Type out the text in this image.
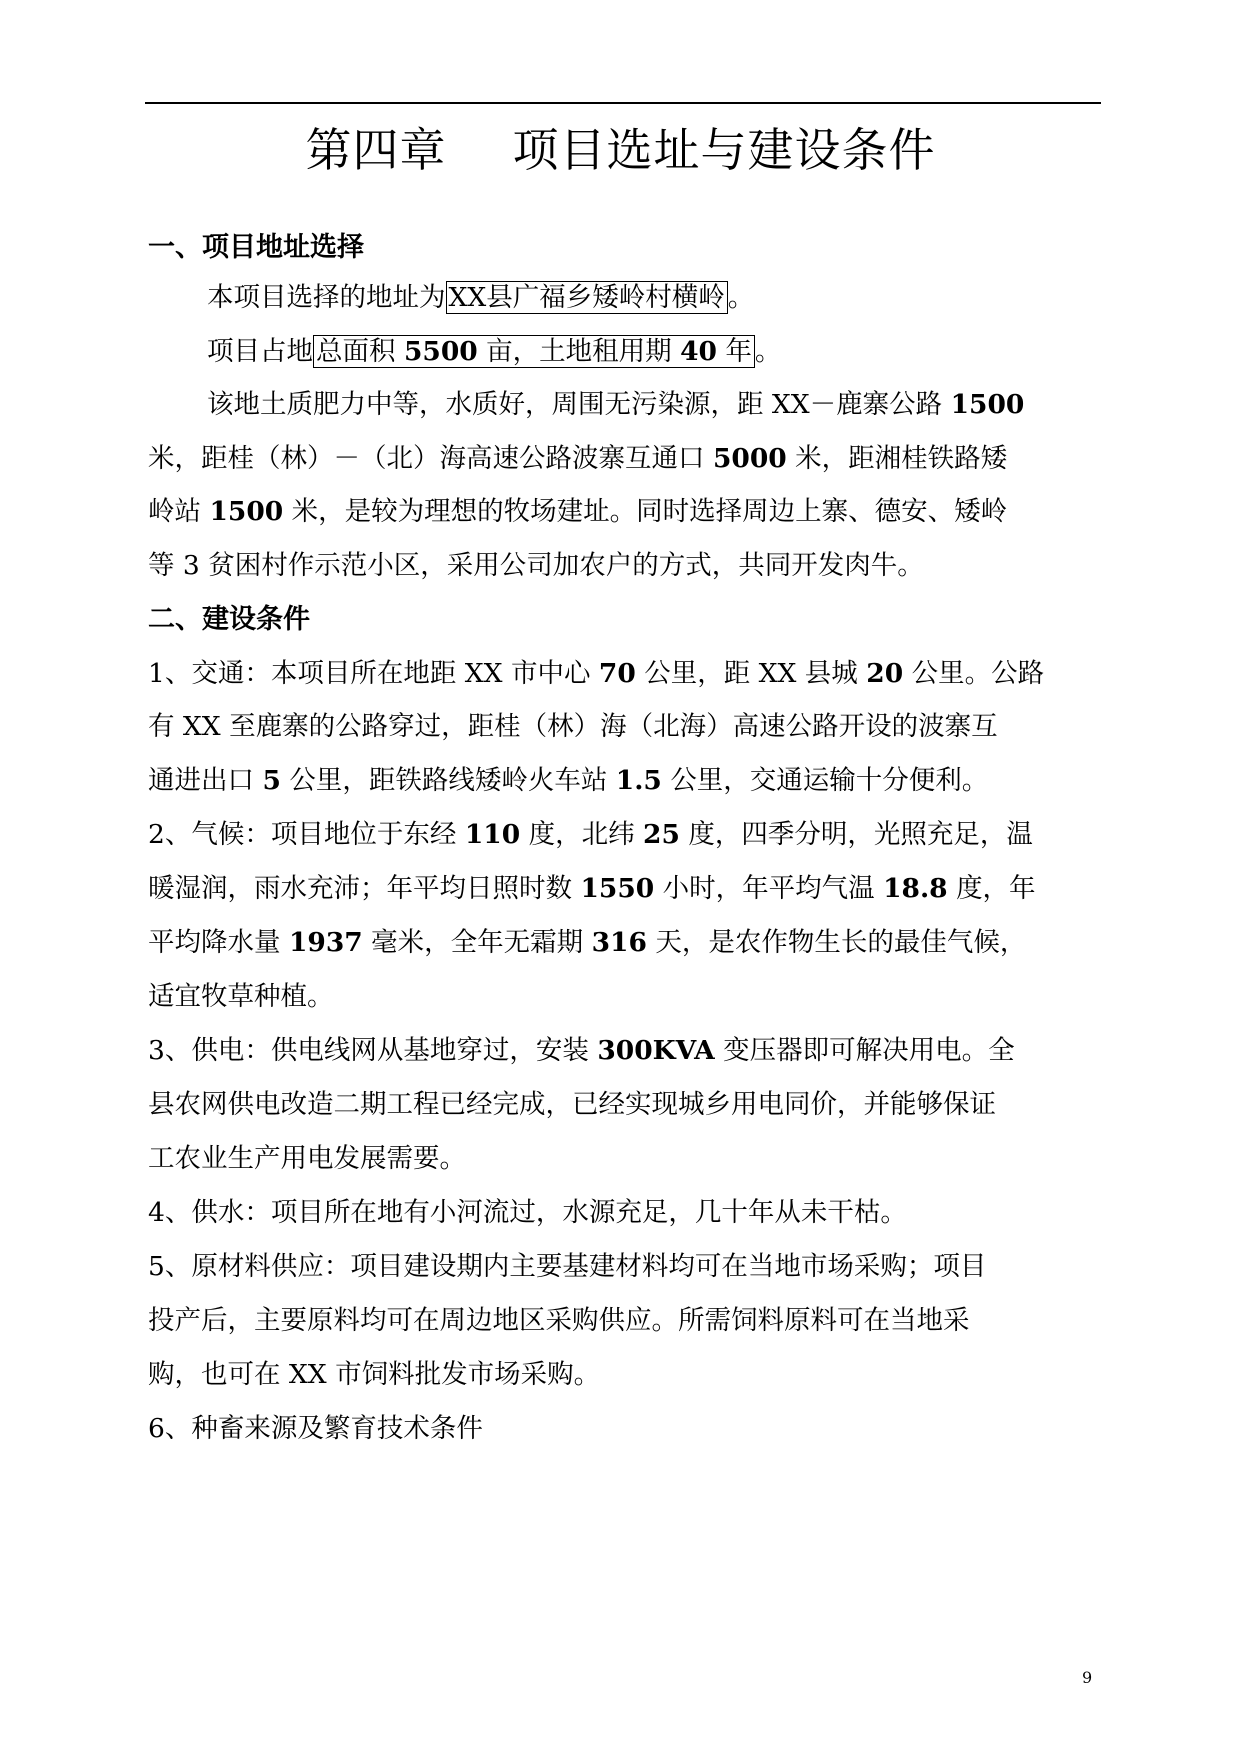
第四章 项目选址与建设条件
一、项目地址选择
本项目选择的地址为 XX县广福乡矮岭村横岭 。
项目占地 总面积 5500 亩，土地租用期 40 年 。
该地土质肥力中等，水质好，周围无污染源，距 XX－鹿寨公路 1500
米，距桂（林）－（北）海高速公路波寨互通口 5000 米，距湘桂铁路矮
岭站 1500 米，是较为理想的牧场建址。同时选择周边上寨、德安、矮岭
等 3 贫困村作示范小区，采用公司加农户的方式，共同开发肉牛。
二、建设条件
1、交通：本项目所在地距 XX 市中心 70 公里，距 XX 县城 20 公里。公路
有 XX 至鹿寨的公路穿过，距桂（林）海（北海）高速公路开设的波寨互
通进出口 5 公里，距铁路线矮岭火车站 1.5 公里，交通运输十分便利。
2、气候：项目地位于东经 110 度，北纬 25 度，四季分明，光照充足，温
暖湿润，雨水充沛；年平均日照时数 1550 小时，年平均气温 18.8 度，年
平均降水量 1937 毫米，全年无霜期 316 天，是农作物生长的最佳气候，
适宜牧草种植。
3、供电：供电线网从基地穿过，安装 300KVA 变压器即可解决用电。全
县农网供电改造二期工程已经完成，已经实现城乡用电同价，并能够保证
工农业生产用电发展需要。
4、供水：项目所在地有小河流过，水源充足，几十年从未干枯。
5、原材料供应：项目建设期内主要基建材料均可在当地市场采购；项目
投产后，主要原料均可在周边地区采购供应。所需饲料原料可在当地采
购，也可在 XX 市饲料批发市场采购。
6、种畜来源及繁育技术条件
9
